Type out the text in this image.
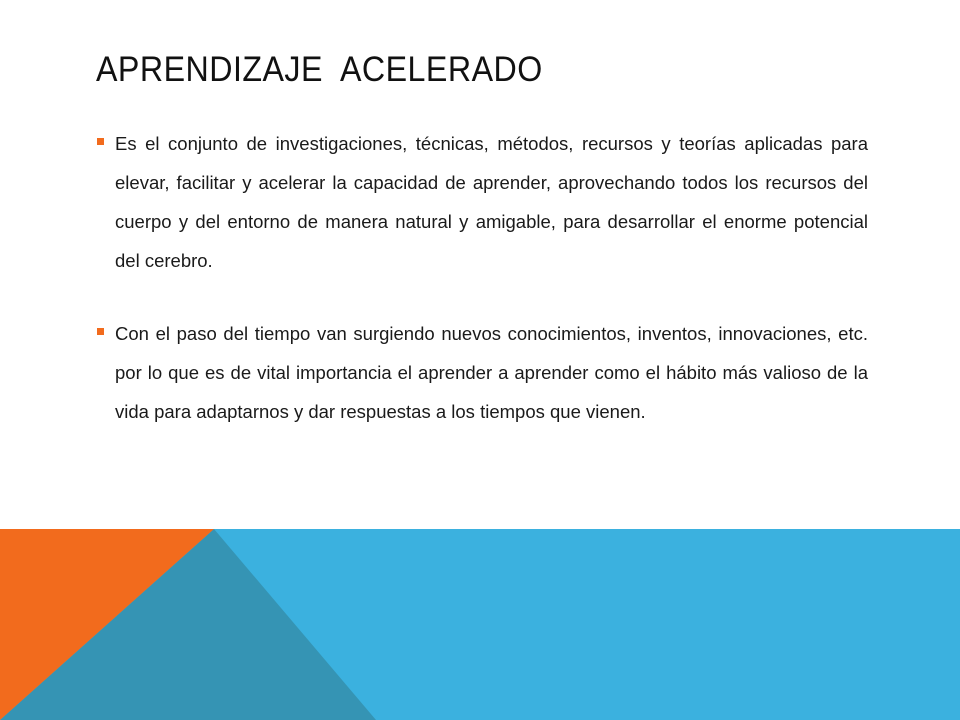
APRENDIZAJE  ACELERADO

Es el conjunto de investigaciones, técnicas, métodos, recursos y teorías aplicadas para elevar, facilitar y acelerar la capacidad de aprender, aprovechando todos los recursos del cuerpo y del entorno de manera natural y amigable, para desarrollar el enorme potencial del cerebro.

Con el paso del tiempo van surgiendo nuevos conocimientos, inventos, innovaciones, etc. por lo que es de vital importancia el aprender a aprender como el hábito más valioso de la vida para adaptarnos y dar respuestas a los tiempos que vienen.
